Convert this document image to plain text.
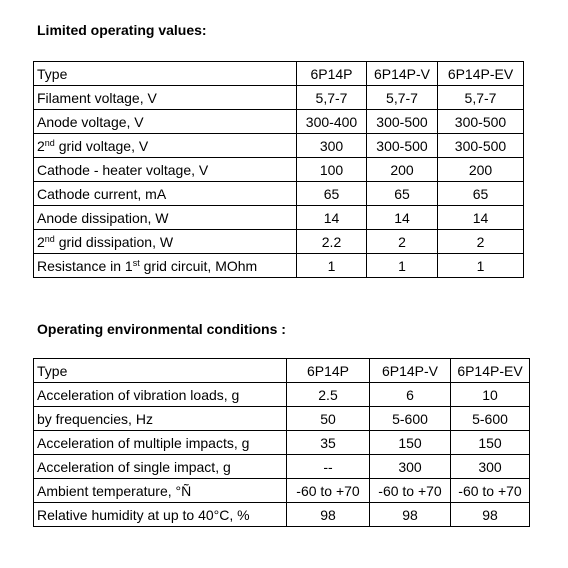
Limited operating values:
Type	6P14P	6P14P-V	6P14P-EV
Filament voltage, V	5,7-7	5,7-7	5,7-7
Anode voltage, V	300-400	300-500	300-500
2nd grid voltage, V	300	300-500	300-500
Cathode - heater voltage, V	100	200	200
Cathode current, mA	65	65	65
Anode dissipation, W	14	14	14
2nd grid dissipation, W	2.2	2	2
Resistance in 1st grid circuit, MOhm	1	1	1
Operating environmental conditions :
Type	6P14P	6P14P-V	6P14P-EV
Acceleration of vibration loads, g	2.5	6	10
by frequencies, Hz	50	5-600	5-600
Acceleration of multiple impacts, g	35	150	150
Acceleration of single impact, g	--	300	300
Ambient temperature, °Ñ	-60 to +70	-60 to +70	-60 to +70
Relative humidity at up to 40°C, %	98	98	98
